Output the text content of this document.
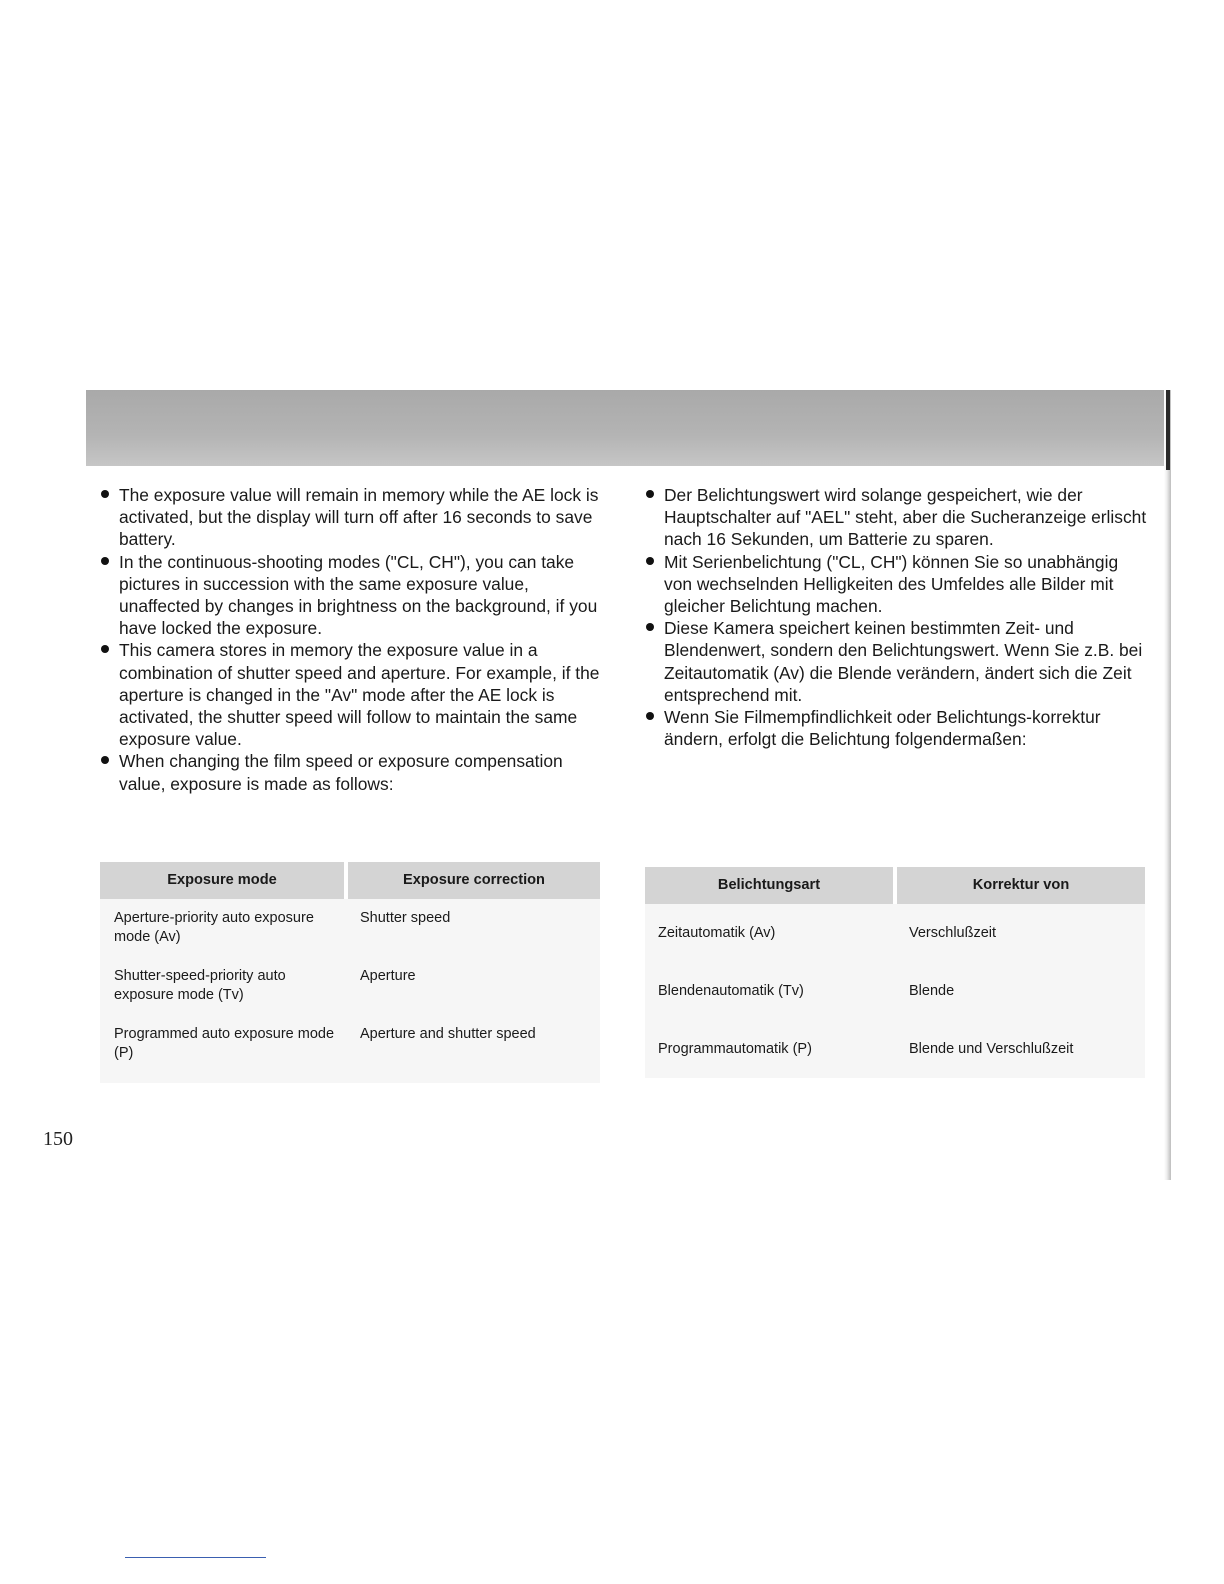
The exposure value will remain in memory while the AE lock is activated, but the display will turn off after 16 seconds to save battery.
In the continuous-shooting modes ("CL, CH"), you can take pictures in succession with the same exposure value, unaffected by changes in brightness on the background, if you have locked the exposure.
This camera stores in memory the exposure value in a combination of shutter speed and aperture. For example, if the aperture is changed in the "Av" mode after the AE lock is activated, the shutter speed will follow to maintain the same exposure value.
When changing the film speed or exposure compensation value, exposure is made as follows:
Der Belichtungswert wird solange gespeichert, wie der Hauptschalter auf "AEL" steht, aber die Sucheranzeige erlischt nach 16 Sekunden, um Batterie zu sparen.
Mit Serienbelichtung ("CL, CH") können Sie so unabhängig von wechselnden Helligkeiten des Umfeldes alle Bilder mit gleicher Belichtung machen.
Diese Kamera speichert keinen bestimmten Zeit- und Blendenwert, sondern den Belichtungswert. Wenn Sie z.B. bei Zeitautomatik (Av) die Blende verändern, ändert sich die Zeit entsprechend mit.
Wenn Sie Filmempfindlichkeit oder Belichtungs-korrektur ändern, erfolgt die Belichtung folgendermaßen:
Exposure mode	Exposure correction
Aperture-priority auto exposure mode (Av)	Shutter speed
Shutter-speed-priority auto exposure mode (Tv)	Aperture
Programmed auto exposure mode (P)	Aperture and shutter speed
Belichtungsart	Korrektur von
Zeitautomatik (Av)	Verschlußzeit
Blendenautomatik (Tv)	Blende
Programmautomatik (P)	Blende und Verschlußzeit
150
